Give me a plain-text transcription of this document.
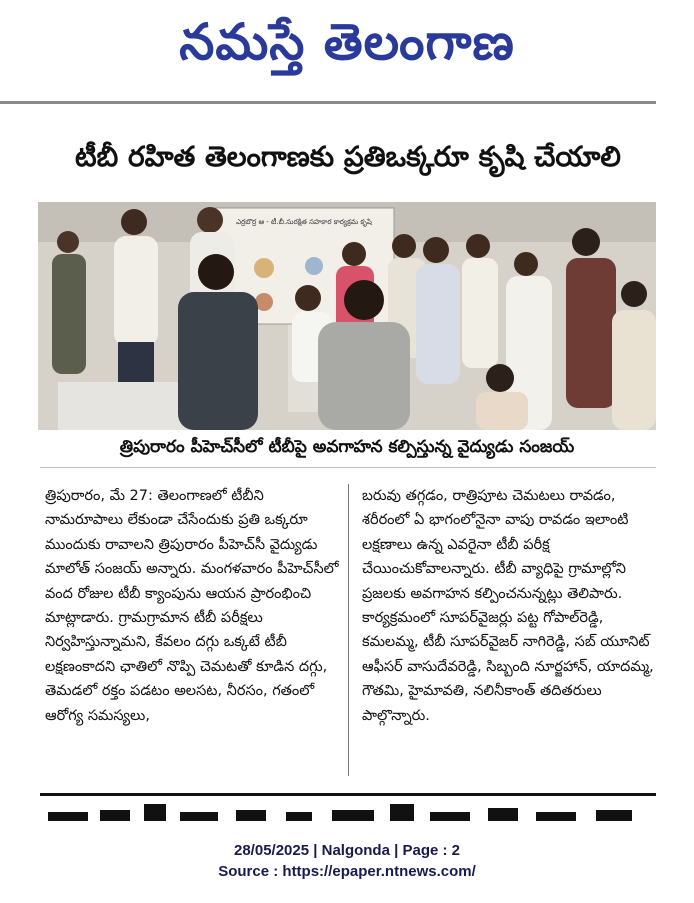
నమస్తే తెలంగాణ
టీబీ రహిత తెలంగాణకు ప్రతిఒక్కరూ కృషి చేయాలి
ఎర్రబొర్ర ఆ - టీ.బీ.సురక్షిత సహకార కార్యక్రమ కృషి
త్రిపురారం పీహెచ్‌సీలో టీబీపై అవగాహన కల్పిస్తున్న వైద్యుడు సంజయ్

త్రిపురారం, మే 27: తెలంగాణలో టీబీని నామరూపాలు లేకుండా చేసేందుకు ప్రతి ఒక్కరూ ముందుకు రావాలని త్రిపురారం పీహెచ్‌సీ వైద్యుడు మాలోత్ సంజయ్ అన్నారు. మంగళవారం పీహెచ్‌సీలో వంద రోజుల టీబీ క్యాంపును ఆయన ప్రారంభించి మాట్లాడారు. గ్రామగ్రామాన టీబీ పరీక్షలు నిర్వహిస్తున్నామని, కేవలం దగ్గు ఒక్కటే టీబీ లక్షణంకాదని ఛాతిలో నొప్పి చెమటతో కూడిన దగ్గు, తెమడలో రక్తం పడటం అలసట, నీరసం, గతంలో ఆరోగ్య సమస్యలు,

బరువు తగ్గడం, రాత్రిపూట చెమటలు రావడం, శరీరంలో ఏ భాగంలోనైనా వాపు రావడం ఇలాంటి లక్షణాలు ఉన్న ఎవరైనా టీబీ పరీక్ష చేయించుకోవాలన్నారు. టీబీ వ్యాధిపై గ్రామాల్లోని ప్రజలకు అవగాహన కల్పించనున్నట్లు తెలిపారు. కార్యక్రమంలో సూపర్‌వైజర్లు పట్ట గోపాల్‌రెడ్డి, కమలమ్మ, టీబీ సూపర్‌వైజర్ నాగిరెడ్డి, సబ్ యూనిట్ ఆఫీసర్ వాసుదేవరెడ్డి, సిబ్బంది నూర్జహాన్, యాదమ్మ, గౌతమి, హైమావతి, నలినీకాంత్ తదితరులు పాల్గొన్నారు.

28/05/2025 | Nalgonda | Page : 2
Source : https://epaper.ntnews.com/
